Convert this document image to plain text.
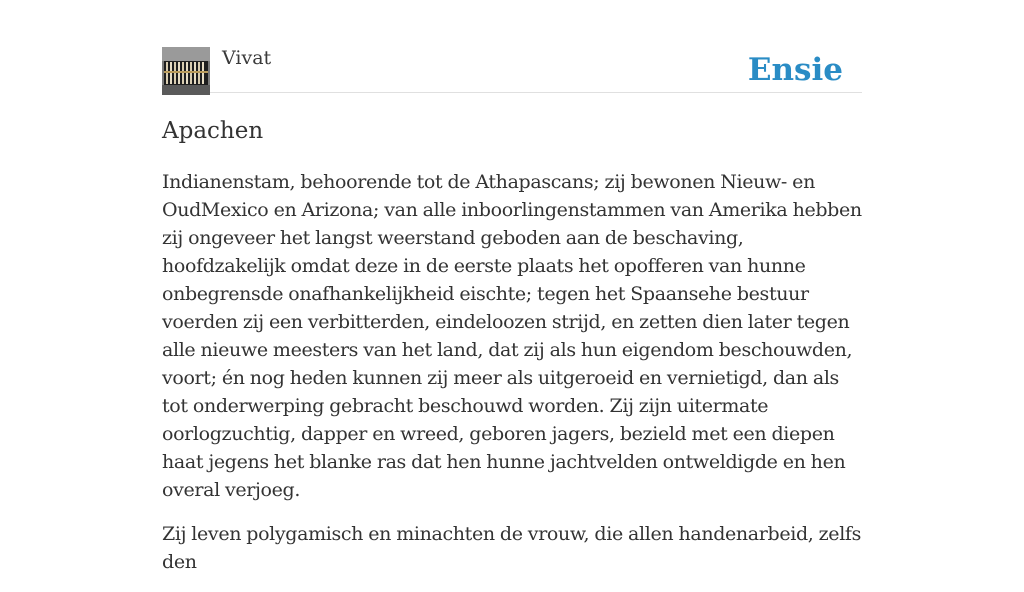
Vivat	Ensie
Apachen

Indianenstam, behoorende tot de Athapascans; zij bewonen Nieuw- en OudMexico en Arizona; van alle inboorlingenstammen van Amerika hebben zij ongeveer het langst weerstand geboden aan de beschaving, hoofdzakelijk omdat deze in de eerste plaats het opofferen van hunne onbegrensde onafhankelijkheid eischte; tegen het Spaansehe bestuur voerden zij een verbitterden, eindeloozen strijd, en zetten dien later tegen alle nieuwe meesters van het land, dat zij als hun eigendom beschouwden, voort; én nog heden kunnen zij meer als uitgeroeid en vernietigd, dan als tot onderwerping gebracht beschouwd worden. Zij zijn uitermate oorlogzuchtig, dapper en wreed, geboren jagers, bezield met een diepen haat jegens het blanke ras dat hen hunne jachtvelden ontweldigde en hen overal verjoeg.

Zij leven polygamisch en minachten de vrouw, die allen handenarbeid, zelfs den
